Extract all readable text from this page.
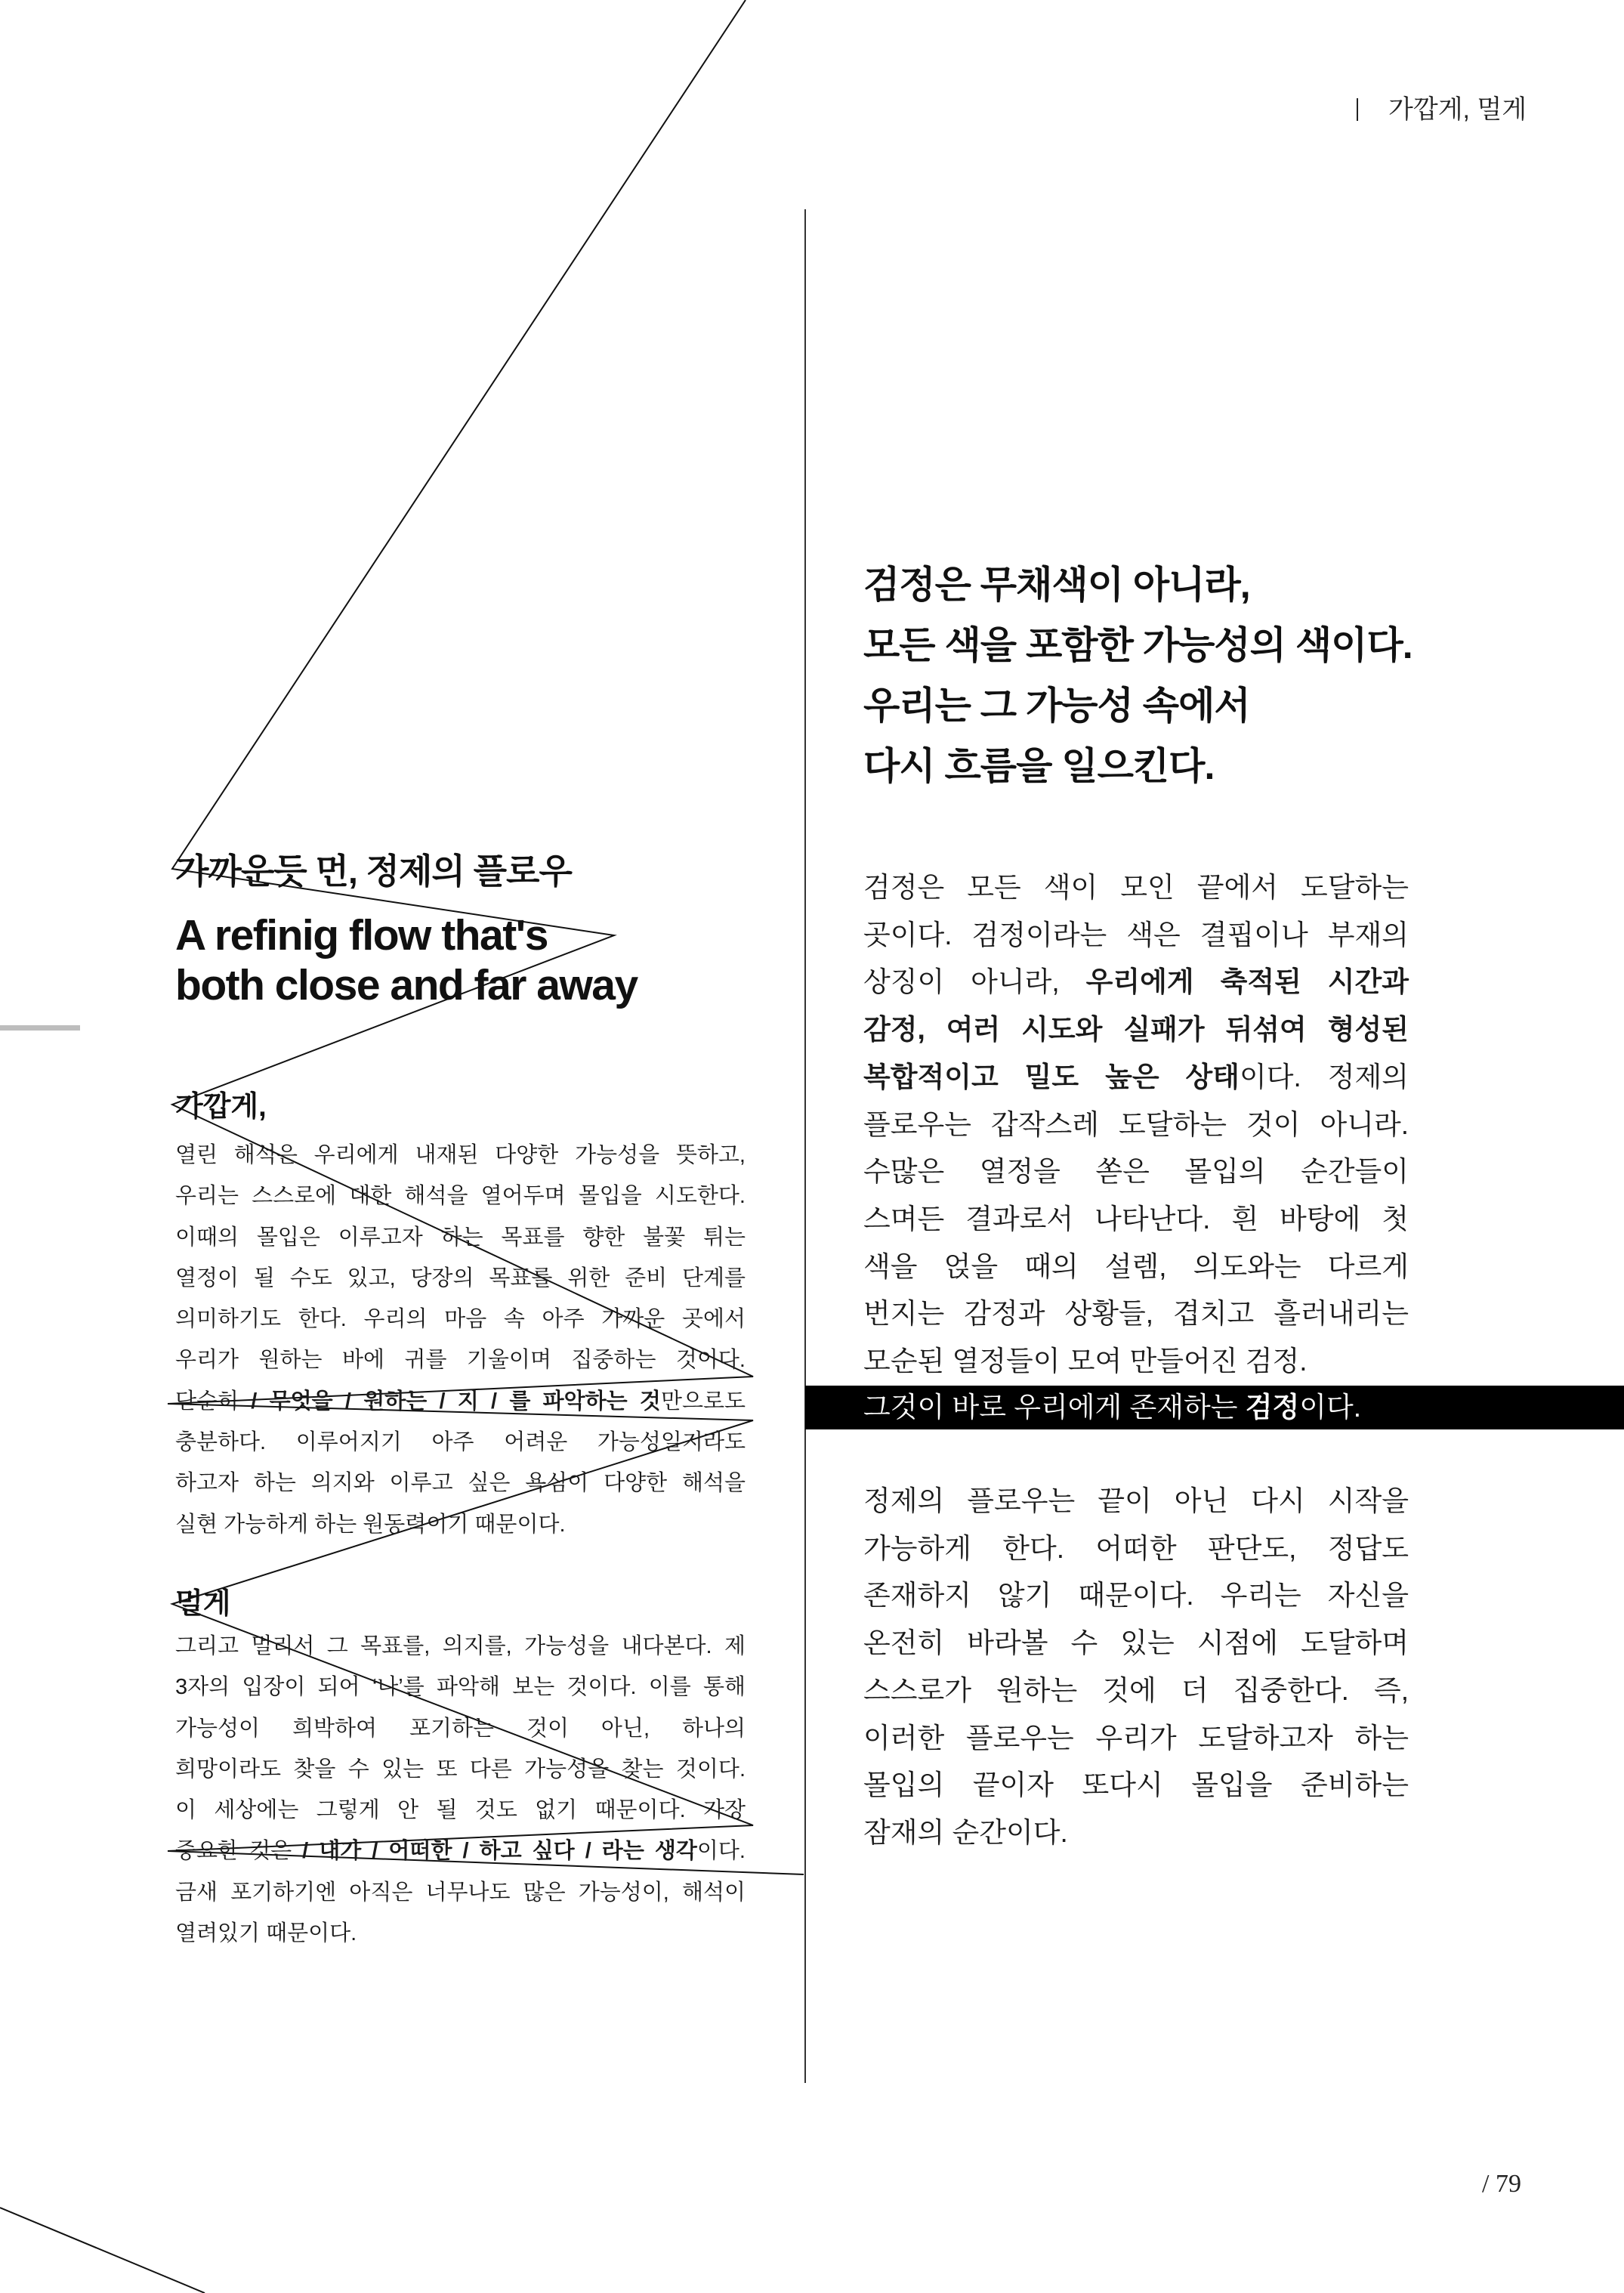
가깝게, 멀게
검정은 무채색이 아니라,
모든 색을 포함한 가능성의 색이다.
우리는 그 가능성 속에서
다시 흐름을 일으킨다.
가까운듯 먼, 정제의 플로우
A refinig flow that's
both close and far away
가깝게,
열린 해석은 우리에게 내재된 다양한 가능성을 뜻하고,
우리는 스스로에 대한 해석을 열어두며 몰입을 시도한다.
이때의 몰입은 이루고자 하는 목표를 향한 불꽃 튀는
열정이 될 수도 있고, 당장의 목표를 위한 준비 단계를
의미하기도 한다. 우리의 마음 속 아주 가까운 곳에서
우리가 원하는 바에 귀를 기울이며 집중하는 것이다.
단순히 / 무엇을 / 원하는 / 지 / 를 파악하는 것만으로도
충분하다. 이루어지기 아주 어려운 가능성일지라도
하고자 하는 의지와 이루고 싶은 욕심이 다양한 해석을
실현 가능하게 하는 원동력이기 때문이다.
멀게
그리고 멀리서 그 목표를, 의지를, 가능성을 내다본다. 제
3자의 입장이 되어 ‘나’를 파악해 보는 것이다. 이를 통해
가능성이 희박하여 포기하는 것이 아닌, 하나의
희망이라도 찾을 수 있는 또 다른 가능성을 찾는 것이다.
이 세상에는 그렇게 안 될 것도 없기 때문이다. 가장
중요한 것은 / 내가 / 어떠한 / 하고 싶다 / 라는 생각이다.
금새 포기하기엔 아직은 너무나도 많은 가능성이, 해석이
열려있기 때문이다.
검정은 모든 색이 모인 끝에서 도달하는
곳이다. 검정이라는 색은 결핍이나 부재의
상징이 아니라, 우리에게 축적된 시간과
감정, 여러 시도와 실패가 뒤섞여 형성된
복합적이고 밀도 높은 상태이다. 정제의
플로우는 갑작스레 도달하는 것이 아니라.
수많은 열정을 쏟은 몰입의 순간들이
스며든 결과로서 나타난다. 흰 바탕에 첫
색을 얹을 때의 설렘, 의도와는 다르게
번지는 감정과 상황들, 겹치고 흘러내리는
모순된 열정들이 모여 만들어진 검정.
그것이 바로 우리에게 존재하는 검정이다.
정제의 플로우는 끝이 아닌 다시 시작을
가능하게 한다. 어떠한 판단도, 정답도
존재하지 않기 때문이다. 우리는 자신을
온전히 바라볼 수 있는 시점에 도달하며
스스로가 원하는 것에 더 집중한다. 즉,
이러한 플로우는 우리가 도달하고자 하는
몰입의 끝이자 또다시 몰입을 준비하는
잠재의 순간이다.
/ 79
